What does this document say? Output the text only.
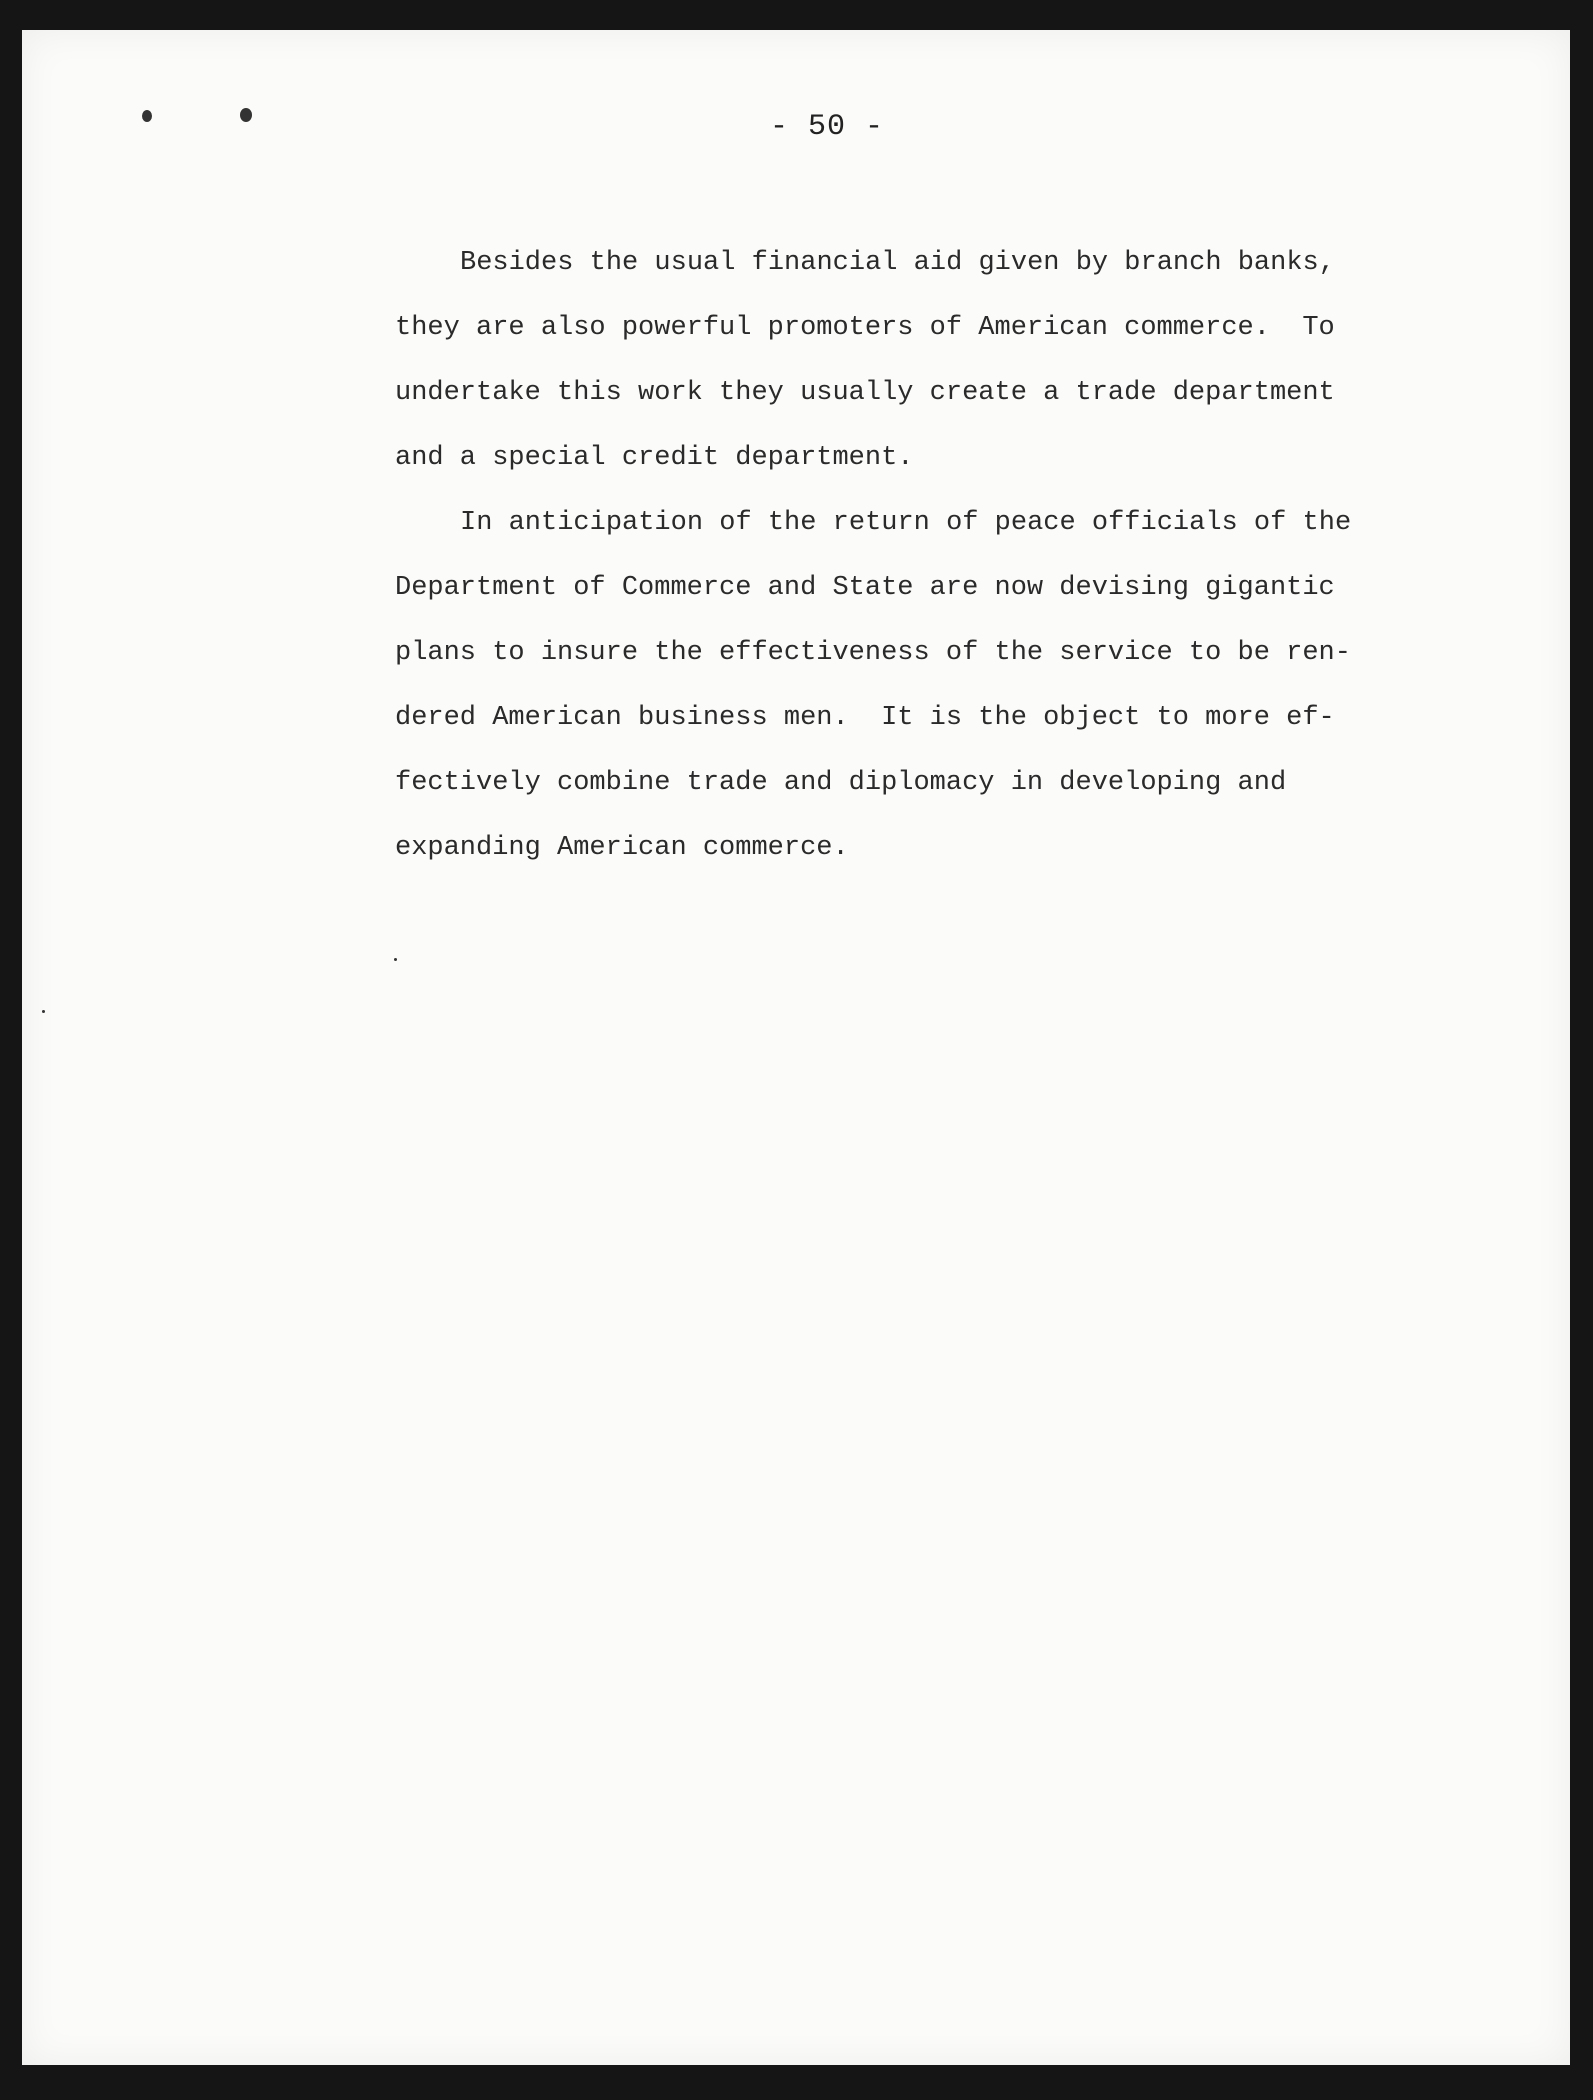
- 50 -
Besides the usual financial aid given by branch banks,
they are also powerful promoters of American commerce.  To
undertake this work they usually create a trade department
and a special credit department.
In anticipation of the return of peace officials of the
Department of Commerce and State are now devising gigantic
plans to insure the effectiveness of the service to be ren-
dered American business men.  It is the object to more ef-
fectively combine trade and diplomacy in developing and
expanding American commerce.
